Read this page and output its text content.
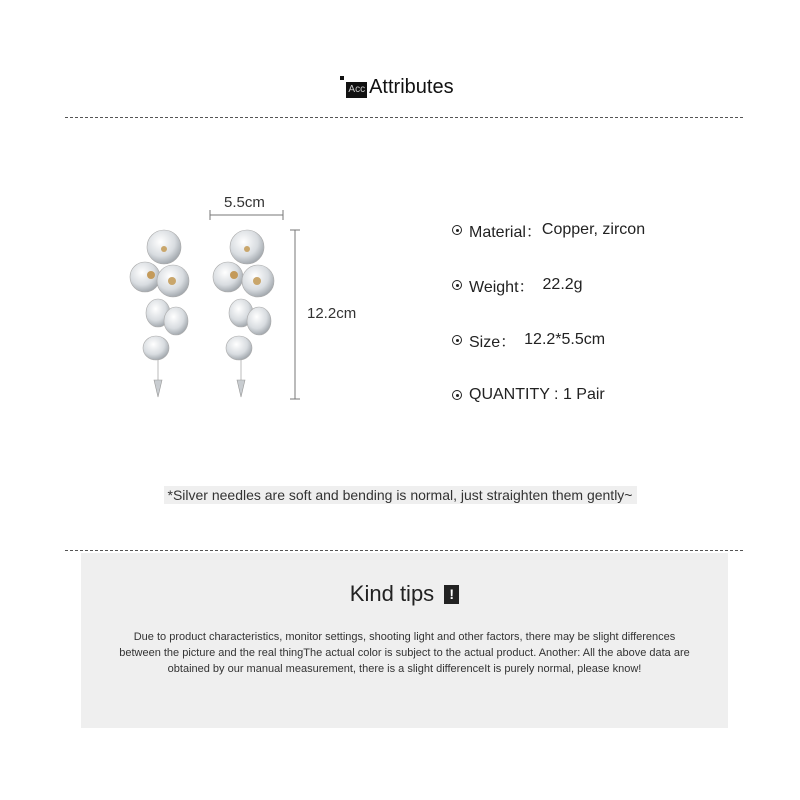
Acc Attributes
5.5cm
12.2cm
Material： Copper, zircon
Weight： 22.2g
Size： 12.2*5.5cm
QUANTITY : 1 Pair
*Silver needles are soft and bending is normal, just straighten them gently~
Kind tips	!
Due to product characteristics, monitor settings, shooting light and other factors, there may be slight differences between the picture and the real thingThe actual color is subject to the actual product. Another: All the above data are obtained by our manual measurement, there is a slight differenceIt is purely normal, please know!
